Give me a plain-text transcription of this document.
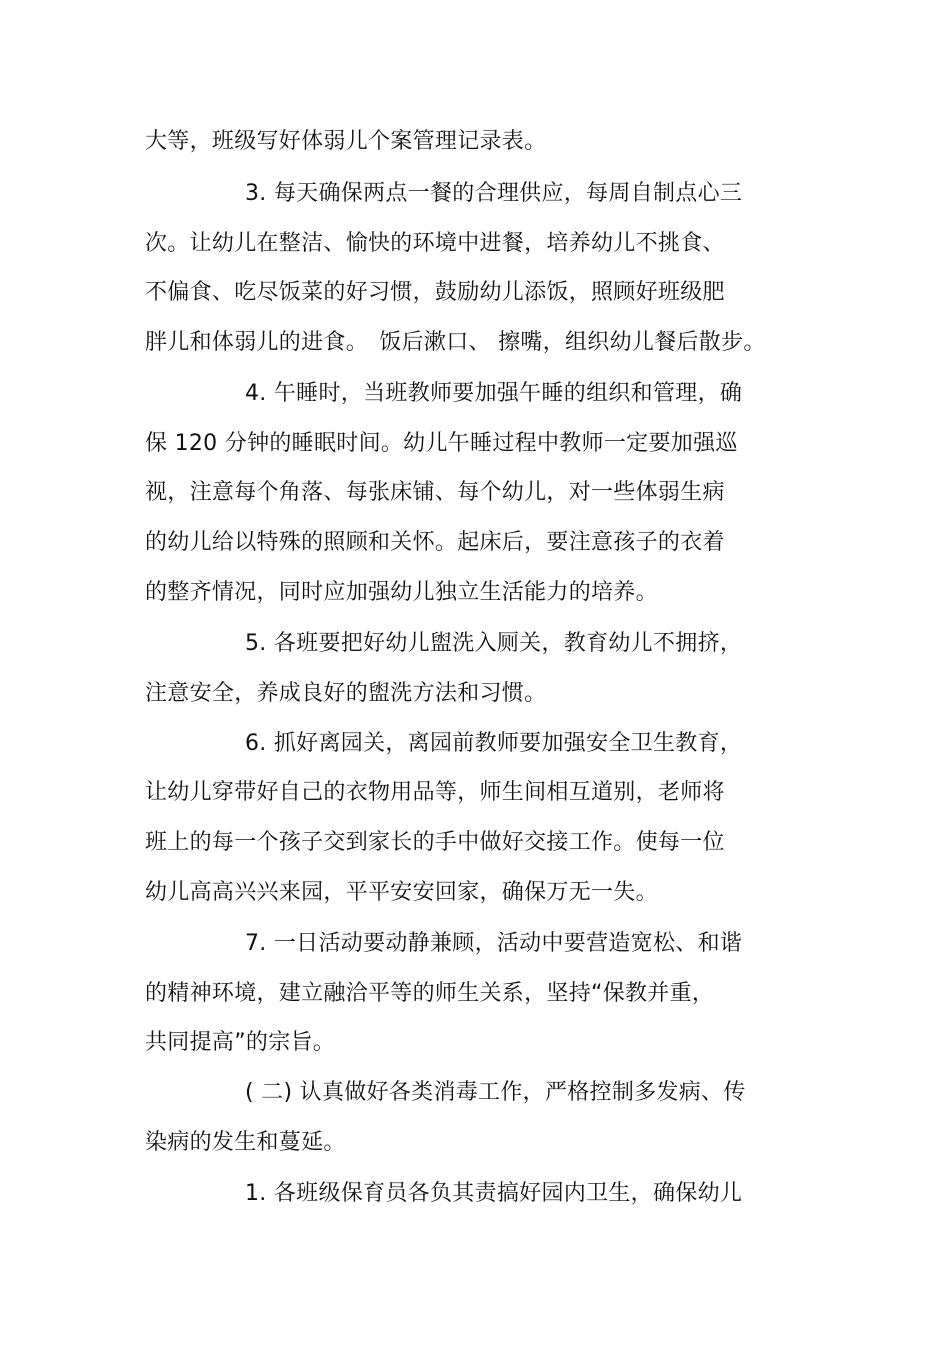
大等，班级写好体弱儿个案管理记录表。
3. 每天确保两点一餐的合理供应，每周自制点心三
次。让幼儿在整洁、愉快的环境中进餐，培养幼儿不挑食、
不偏食、吃尽饭菜的好习惯，鼓励幼儿添饭，照顾好班级肥
胖儿和体弱儿的进食。　饭后漱口、 擦嘴，组织幼儿餐后散步。
4. 午睡时，当班教师要加强午睡的组织和管理，确
保 120 分钟的睡眠时间。幼儿午睡过程中教师一定要加强巡
视，注意每个角落、每张床铺、每个幼儿，对一些体弱生病
的幼儿给以特殊的照顾和关怀。起床后，要注意孩子的衣着
的整齐情况，同时应加强幼儿独立生活能力的培养。
5. 各班要把好幼儿盥洗入厕关，教育幼儿不拥挤，
注意安全，养成良好的盥洗方法和习惯。
6. 抓好离园关，离园前教师要加强安全卫生教育，
让幼儿穿带好自己的衣物用品等，师生间相互道别，老师将
班上的每一个孩子交到家长的手中做好交接工作。使每一位
幼儿高高兴兴来园，平平安安回家，确保万无一失。
7. 一日活动要动静兼顾，活动中要营造宽松、和谐
的精神环境，建立融洽平等的师生关系，坚持“保教并重，
共同提高”的宗旨。
( 二) 认真做好各类消毒工作，严格控制多发病、传
染病的发生和蔓延。
1. 各班级保育员各负其责搞好园内卫生，确保幼儿
